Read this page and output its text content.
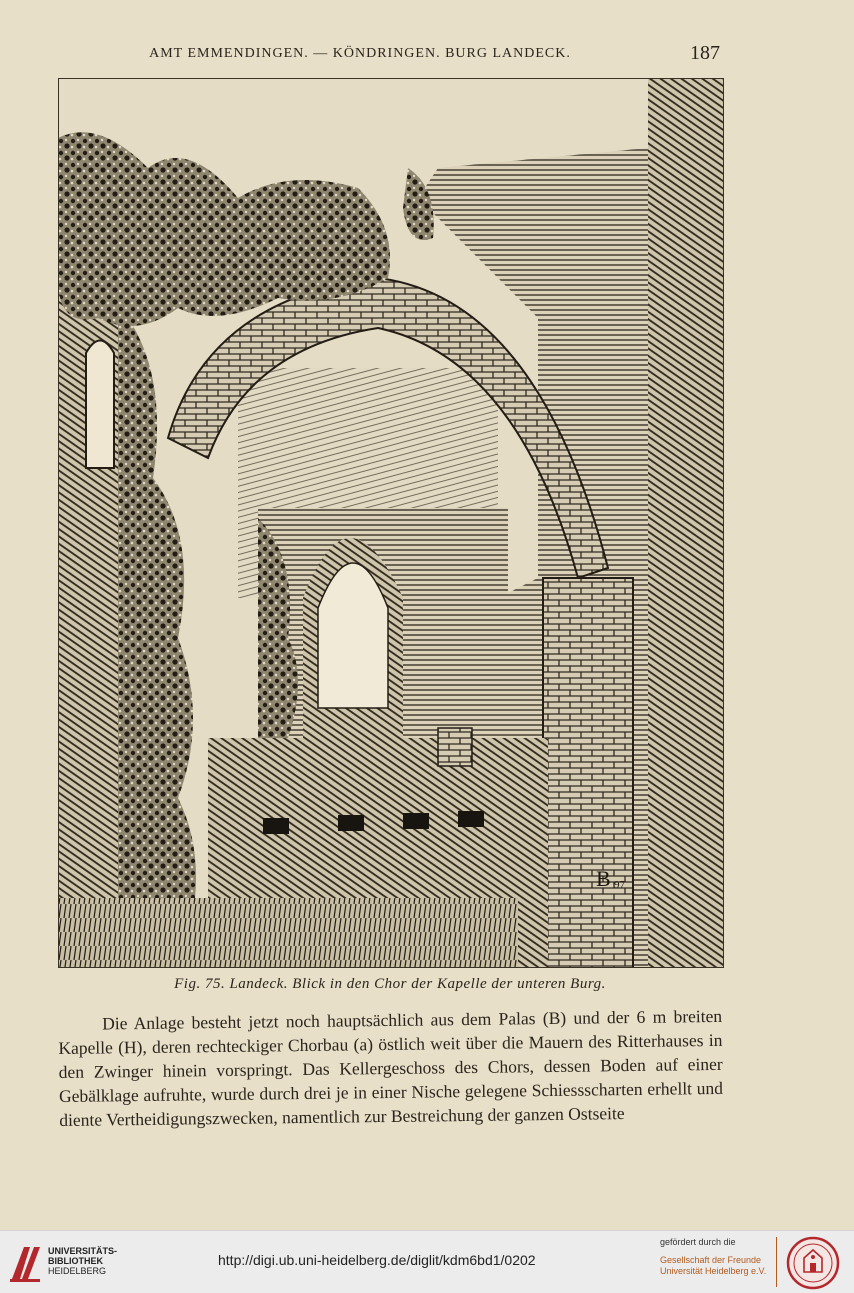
AMT EMMENDINGEN. — KÖNDRINGEN. BURG LANDECK.	187
B 97
Fig. 75. Landeck. Blick in den Chor der Kapelle der unteren Burg.

Die Anlage besteht jetzt noch hauptsächlich aus dem Palas (B) und der 6 m breiten Kapelle (H), deren rechteckiger Chorbau (a) östlich weit über die Mauern des Ritterhauses in den Zwinger hinein vorspringt. Das Kellergeschoss des Chors, dessen Boden auf einer Gebälklage aufruhte, wurde durch drei je in einer Nische gelegene Schiessscharten erhellt und diente Vertheidigungszwecken, namentlich zur Bestreichung der ganzen Ostseite

UNIVERSITÄTS-
BIBLIOTHEK
HEIDELBERG
http://digi.ub.uni-heidelberg.de/diglit/kdm6bd1/0202
gefördert durch die
Gesellschaft der Freunde
Universität Heidelberg e.V.
